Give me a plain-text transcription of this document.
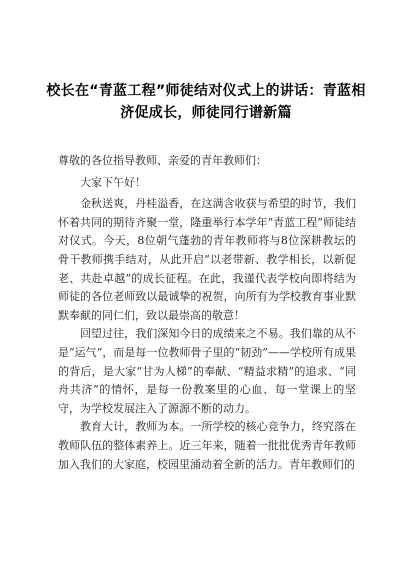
校长在“青蓝工程”师徒结对仪式上的讲话：青蓝相济促成长，师徒同行谱新篇

尊敬的各位指导教师、亲爱的青年教师们：

大家下午好！

金秋送爽，丹桂溢香，在这满含收获与希望的时节，我们怀着共同的期待齐聚一堂，隆重举行本学年“青蓝工程”师徒结对仪式。今天，8位朝气蓬勃的青年教师将与8位深耕教坛的骨干教师携手结对，从此开启“以老带新、教学相长，以新促老、共赴卓越”的成长征程。在此，我谨代表学校向即将结为师徒的各位老师致以最诚挚的祝贺，向所有为学校教育事业默默奉献的同仁们，致以最崇高的敬意！

回望过往，我们深知今日的成绩来之不易。我们靠的从不是“运气”，而是每一位教师骨子里的“韧劲”——学校所有成果的背后，是大家“甘为人梯”的奉献、“精益求精”的追求、“同舟共济”的情怀，是每一份教案里的心血、每一堂课上的坚守，为学校发展注入了源源不断的动力。

教育大计，教师为本。一所学校的核心竞争力，终究落在教师队伍的整体素养上。近三年来，随着一批批优秀青年教师加入我们的大家庭，校园里涌动着全新的活力。青年教师们的
